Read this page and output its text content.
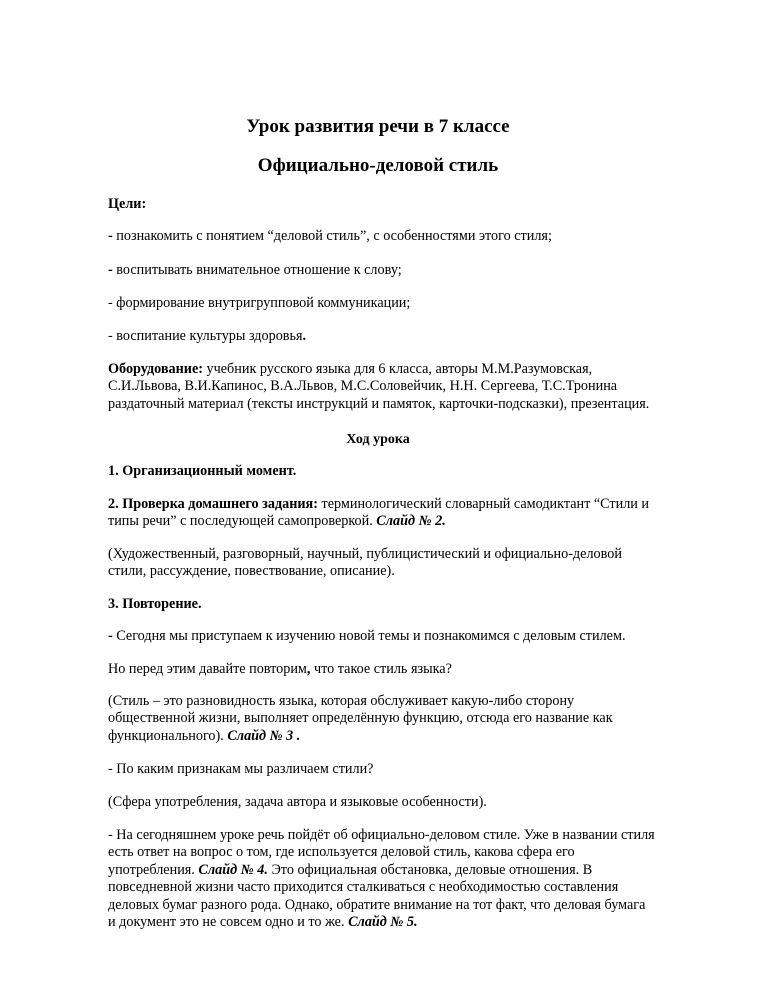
Урок развития речи в 7 классе
Официально-деловой стиль
Цели:
- познакомить с понятием “деловой стиль”, с особенностями этого стиля;
- воспитывать внимательное отношение к слову;
- формирование внутригрупповой коммуникации;
- воспитание культуры здоровья.
Оборудование: учебник русского языка для 6 класса, авторы М.М.Разумовская,
С.И.Львова, В.И.Капинос, В.А.Львов, М.С.Соловейчик, Н.Н. Сергеева, Т.С.Тронина
раздаточный материал (тексты инструкций и памяток, карточки-подсказки), презентация.
Ход урока
1. Организационный момент.
2. Проверка домашнего задания: терминологический словарный самодиктант “Стили и
типы речи” с последующей самопроверкой. Слайд № 2.
(Художественный, разговорный, научный, публицистический и официально-деловой
стили, рассуждение, повествование, описание).
3. Повторение.
- Сегодня мы приступаем к изучению новой темы и познакомимся с деловым стилем.
Но перед этим давайте повторим, что такое стиль языка?
(Стиль – это разновидность языка, которая обслуживает какую-либо сторону
общественной жизни, выполняет определённую функцию, отсюда его название как
функционального). Слайд № 3 .
- По каким признакам мы различаем стили?
(Сфера употребления, задача автора и языковые особенности).
- На сегодняшнем уроке речь пойдёт об официально-деловом стиле. Уже в названии стиля
есть ответ на вопрос о том, где используется деловой стиль, какова сфера его
употребления. Слайд № 4. Это официальная обстановка, деловые отношения. В
повседневной жизни часто приходится сталкиваться с необходимостью составления
деловых бумаг разного рода. Однако, обратите внимание на тот факт, что деловая бумага
и документ это не совсем одно и то же. Слайд № 5.
